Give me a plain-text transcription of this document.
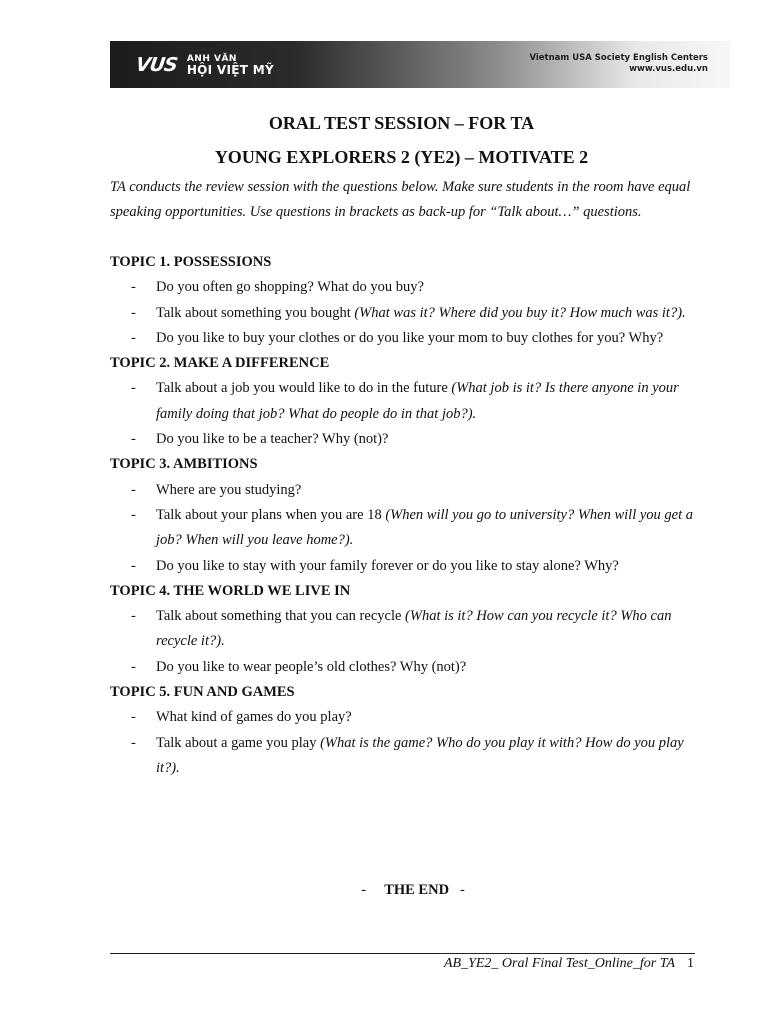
VUS ANH VĂN
HỘI VIỆT MỸ
Vietnam USA Society English Centers
www.vus.edu.vn
ORAL TEST SESSION – FOR TA
YOUNG EXPLORERS 2 (YE2) – MOTIVATE 2
TA conducts the review session with the questions below. Make sure students in the room have equal speaking opportunities. Use questions in brackets as back-up for “Talk about…” questions.
TOPIC 1. POSSESSIONS
- Do you often go shopping? What do you buy?
- Talk about something you bought (What was it? Where did you buy it? How much was it?).
- Do you like to buy your clothes or do you like your mom to buy clothes for you? Why?
TOPIC 2. MAKE A DIFFERENCE
- Talk about a job you would like to do in the future (What job is it? Is there anyone in your family doing that job? What do people do in that job?).
- Do you like to be a teacher? Why (not)?
TOPIC 3. AMBITIONS
- Where are you studying?
- Talk about your plans when you are 18 (When will you go to university? When will you get a job? When will you leave home?).
- Do you like to stay with your family forever or do you like to stay alone? Why?
TOPIC 4. THE WORLD WE LIVE IN
- Talk about something that you can recycle (What is it? How can you recycle it? Who can recycle it?).
- Do you like to wear people’s old clothes? Why (not)?
TOPIC 5. FUN AND GAMES
- What kind of games do you play?
- Talk about a game you play (What is the game? Who do you play it with? How do you play it?).
- THE END -
AB_YE2_ Oral Final Test_Online_for TA 1
